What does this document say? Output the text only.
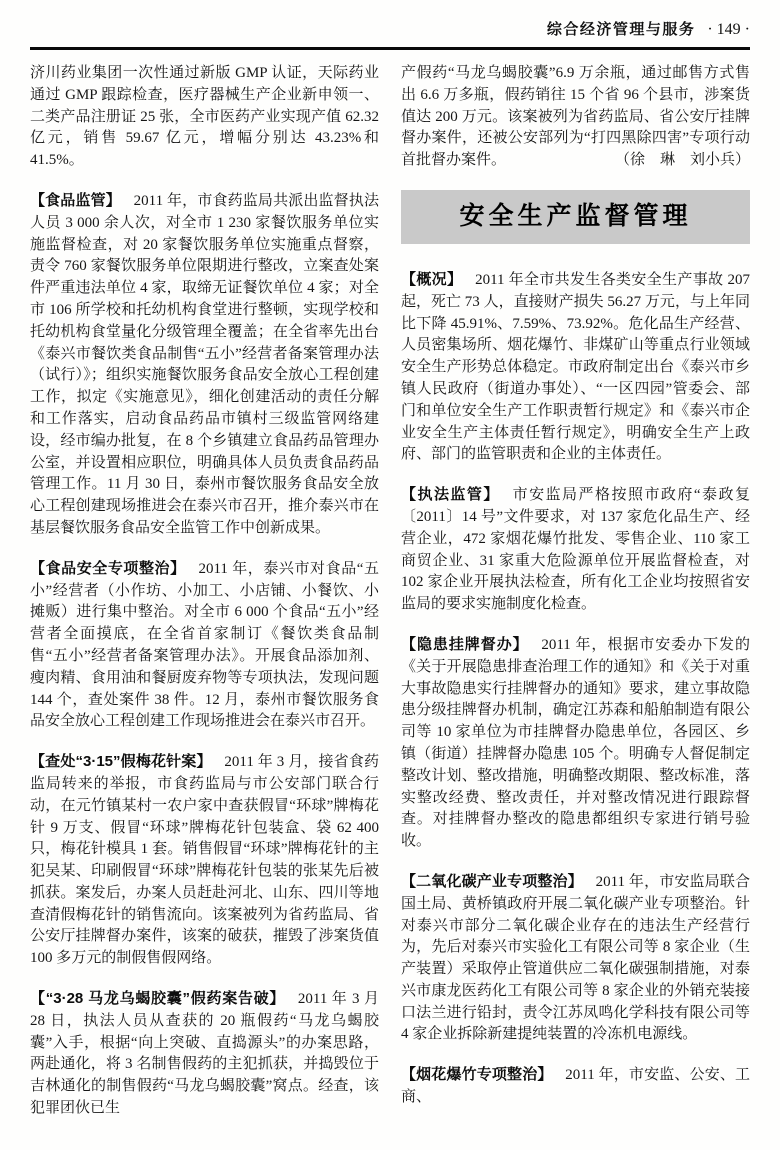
综合经济管理与服务 · 149 ·

济川药业集团一次性通过新版 GMP 认证，天际药业通过 GMP 跟踪检查，医疗器械生产企业新申领一、二类产品注册证 25 张，全市医药产业实现产值 62.32 亿元，销售 59.67 亿元，增幅分别达 43.23%和 41.5%。

【食品监管】 2011 年，市食药监局共派出监督执法人员 3 000 余人次，对全市 1 230 家餐饮服务单位实施监督检查，对 20 家餐饮服务单位实施重点督察，责令 760 家餐饮服务单位限期进行整改，立案查处案件严重违法单位 4 家，取缔无证餐饮单位 4 家；对全市 106 所学校和托幼机构食堂进行整顿，实现学校和托幼机构食堂量化分级管理全覆盖；在全省率先出台《泰兴市餐饮类食品制售“五小”经营者备案管理办法（试行）》；组织实施餐饮服务食品安全放心工程创建工作，拟定《实施意见》，细化创建活动的责任分解和工作落实，启动食品药品市镇村三级监管网络建设，经市编办批复，在 8 个乡镇建立食品药品管理办公室，并设置相应职位，明确具体人员负责食品药品管理工作。11 月 30 日，泰州市餐饮服务食品安全放心工程创建现场推进会在泰兴市召开，推介泰兴市在基层餐饮服务食品安全监管工作中创新成果。

【食品安全专项整治】 2011 年，泰兴市对食品“五小”经营者（小作坊、小加工、小店铺、小餐饮、小摊贩）进行集中整治。对全市 6 000 个食品“五小”经营者全面摸底，在全省首家制订《餐饮类食品制售“五小”经营者备案管理办法》。开展食品添加剂、瘦肉精、食用油和餐厨废弃物等专项执法，发现问题 144 个，查处案件 38 件。12 月，泰州市餐饮服务食品安全放心工程创建工作现场推进会在泰兴市召开。

【查处“3·15”假梅花针案】 2011 年 3 月，接省食药监局转来的举报，市食药监局与市公安部门联合行动，在元竹镇某村一农户家中查获假冒“环球”牌梅花针 9 万支、假冒“环球”牌梅花针包装盒、袋 62 400 只，梅花针模具 1 套。销售假冒“环球”牌梅花针的主犯吴某、印刷假冒“环球”牌梅花针包装的张某先后被抓获。案发后，办案人员赶赴河北、山东、四川等地查清假梅花针的销售流向。该案被列为省药监局、省公安厅挂牌督办案件，该案的破获，摧毁了涉案货值 100 多万元的制假售假网络。

【“3·28 马龙乌蝎胶囊”假药案告破】 2011 年 3 月 28 日，执法人员从查获的 20 瓶假药“马龙乌蝎胶囊”入手，根据“向上突破、直捣源头”的办案思路，两赴通化，将 3 名制售假药的主犯抓获，并捣毁位于吉林通化的制售假药“马龙乌蝎胶囊”窝点。经查，该犯罪团伙已生

产假药“马龙乌蝎胶囊”6.9 万余瓶，通过邮售方式售出 6.6 万多瓶，假药销往 15 个省 96 个县市，涉案货值达 200 万元。该案被列为省药监局、省公安厅挂牌督办案件，还被公安部列为“打四黑除四害”专项行动首批督办案件。	（徐　琳　刘小兵）

安全生产监督管理

【概况】 2011 年全市共发生各类安全生产事故 207 起，死亡 73 人，直接财产损失 56.27 万元，与上年同比下降 45.91%、7.59%、73.92%。危化品生产经营、人员密集场所、烟花爆竹、非煤矿山等重点行业领域安全生产形势总体稳定。市政府制定出台《泰兴市乡镇人民政府（街道办事处）、“一区四园”管委会、部门和单位安全生产工作职责暂行规定》和《泰兴市企业安全生产主体责任暂行规定》，明确安全生产上政府、部门的监管职责和企业的主体责任。

【执法监管】 市安监局严格按照市政府“泰政复〔2011〕14 号”文件要求，对 137 家危化品生产、经营企业，472 家烟花爆竹批发、零售企业、110 家工商贸企业、31 家重大危险源单位开展监督检查，对 102 家企业开展执法检查，所有化工企业均按照省安监局的要求实施制度化检查。

【隐患挂牌督办】 2011 年，根据市安委办下发的《关于开展隐患排查治理工作的通知》和《关于对重大事故隐患实行挂牌督办的通知》要求，建立事故隐患分级挂牌督办机制，确定江苏森和船舶制造有限公司等 10 家单位为市挂牌督办隐患单位，各园区、乡镇（街道）挂牌督办隐患 105 个。明确专人督促制定整改计划、整改措施，明确整改期限、整改标准，落实整改经费、整改责任，并对整改情况进行跟踪督查。对挂牌督办整改的隐患都组织专家进行销号验收。

【二氧化碳产业专项整治】 2011 年，市安监局联合国土局、黄桥镇政府开展二氧化碳产业专项整治。针对泰兴市部分二氧化碳企业存在的违法生产经营行为，先后对泰兴市实验化工有限公司等 8 家企业（生产装置）采取停止管道供应二氧化碳强制措施，对泰兴市康龙医药化工有限公司等 8 家企业的外销充装接口法兰进行铅封，责令江苏凤鸣化学科技有限公司等 4 家企业拆除新建提纯装置的冷冻机电源线。

【烟花爆竹专项整治】 2011 年，市安监、公安、工商、
